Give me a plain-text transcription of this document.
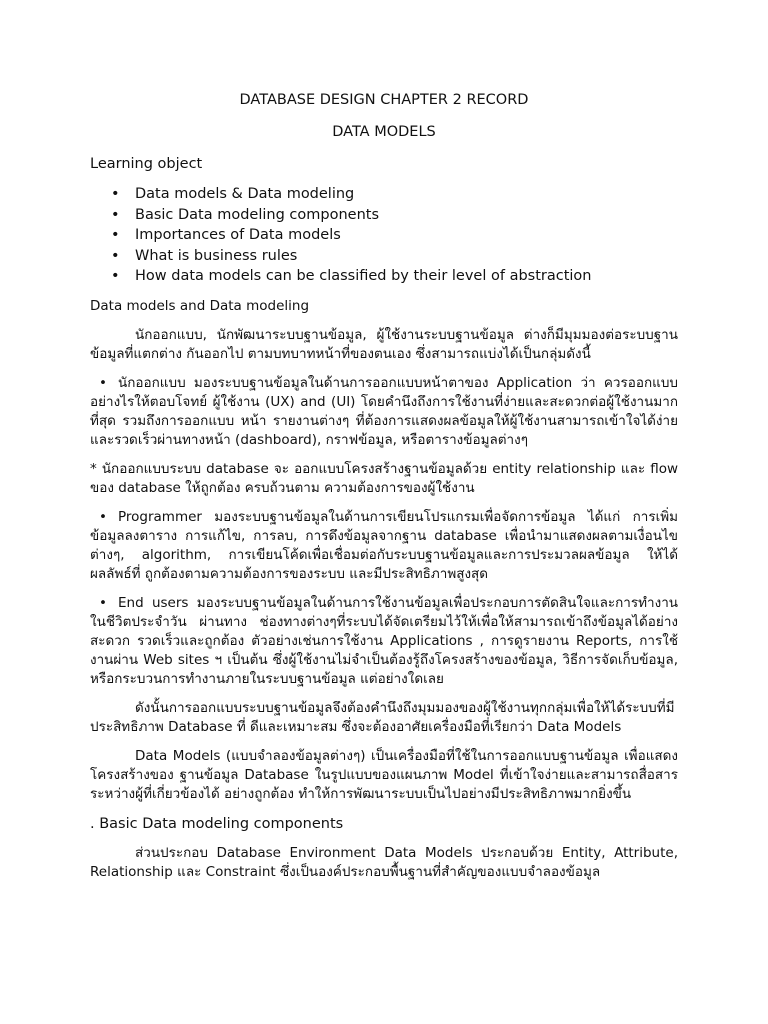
DATABASE DESIGN CHAPTER 2 RECORD
DATA MODELS
Learning object
• Data models & Data modeling
• Basic Data modeling components
• Importances of Data models
• What is business rules
• How data models can be classified by their level of abstraction
Data models and Data modeling

นักออกแบบ, นักพัฒนาระบบฐานข้อมูล, ผู้ใช้งานระบบฐานข้อมูล ต่างก็มีมุมมองต่อระบบฐานข้อมูลที่แตกต่าง กันออกไป ตามบทบาทหน้าที่ของตนเอง ซึ่งสามารถแบ่งได้เป็นกลุ่มดังนี้

• นักออกแบบ มองระบบฐานข้อมูลในด้านการออกแบบหน้าตาของ Application ว่า ควรออกแบบอย่างไรให้ตอบโจทย์ ผู้ใช้งาน (UX) and (UI) โดยคำนึงถึงการใช้งานที่ง่ายและสะดวกต่อผู้ใช้งานมากที่สุด รวมถึงการออกแบบ หน้า รายงานต่างๆ ที่ต้องการแสดงผลข้อมูลให้ผู้ใช้งานสามารถเข้าใจได้ง่ายและรวดเร็วผ่านทางหน้า (dashboard), กราฟข้อมูล, หรือตารางข้อมูลต่างๆ

* นักออกแบบระบบ database จะ ออกแบบโครงสร้างฐานข้อมูลด้วย entity relationship และ flow ของ database ให้ถูกต้อง ครบถ้วนตาม ความต้องการของผู้ใช้งาน

• Programmer มองระบบฐานข้อมูลในด้านการเขียนโปรแกรมเพื่อจัดการข้อมูล ได้แก่ การเพิ่มข้อมูลลงตาราง การแก้ไข, การลบ, การดึงข้อมูลจากฐาน database เพื่อนำมาแสดงผลตามเงื่อนไขต่างๆ, algorithm, การเขียนโค้ดเพื่อเชื่อมต่อกับระบบฐานข้อมูลและการประมวลผลข้อมูล ให้ได้ผลลัพธ์ที่ ถูกต้องตามความต้องการของระบบ และมีประสิทธิภาพสูงสุด

• End users มองระบบฐานข้อมูลในด้านการใช้งานข้อมูลเพื่อประกอบการตัดสินใจและการทำงานในชีวิตประจำวัน ผ่านทาง ช่องทางต่างๆที่ระบบได้จัดเตรียมไว้ให้เพื่อให้สามารถเข้าถึงข้อมูลได้อย่างสะดวก รวดเร็วและถูกต้อง ตัวอย่างเช่นการใช้งาน Applications , การดูรายงาน Reports, การใช้งานผ่าน Web sites ฯ เป็นต้น ซึ่งผู้ใช้งานไม่จำเป็นต้องรู้ถึงโครงสร้างของข้อมูล, วิธีการจัดเก็บข้อมูล, หรือกระบวนการทำงานภายในระบบฐานข้อมูล แต่อย่างใดเลย

ดังนั้นการออกแบบระบบฐานข้อมูลจึงต้องคำนึงถึงมุมมองของผู้ใช้งานทุกกลุ่มเพื่อให้ได้ระบบที่มีประสิทธิภาพ Database ที่ ดีและเหมาะสม ซึ่งจะต้องอาศัยเครื่องมือที่เรียกว่า Data Models

Data Models (แบบจำลองข้อมูลต่างๆ) เป็นเครื่องมือที่ใช้ในการออกแบบฐานข้อมูล เพื่อแสดงโครงสร้างของ ฐานข้อมูล Database ในรูปแบบของแผนภาพ Model ที่เข้าใจง่ายและสามารถสื่อสารระหว่างผู้ที่เกี่ยวข้องได้ อย่างถูกต้อง ทำให้การพัฒนาระบบเป็นไปอย่างมีประสิทธิภาพมากยิ่งขึ้น

. Basic Data modeling components

ส่วนประกอบ Database Environment Data Models ประกอบด้วย Entity, Attribute, Relationship และ Constraint ซึ่งเป็นองค์ประกอบพื้นฐานที่สำคัญของแบบจำลองข้อมูล
